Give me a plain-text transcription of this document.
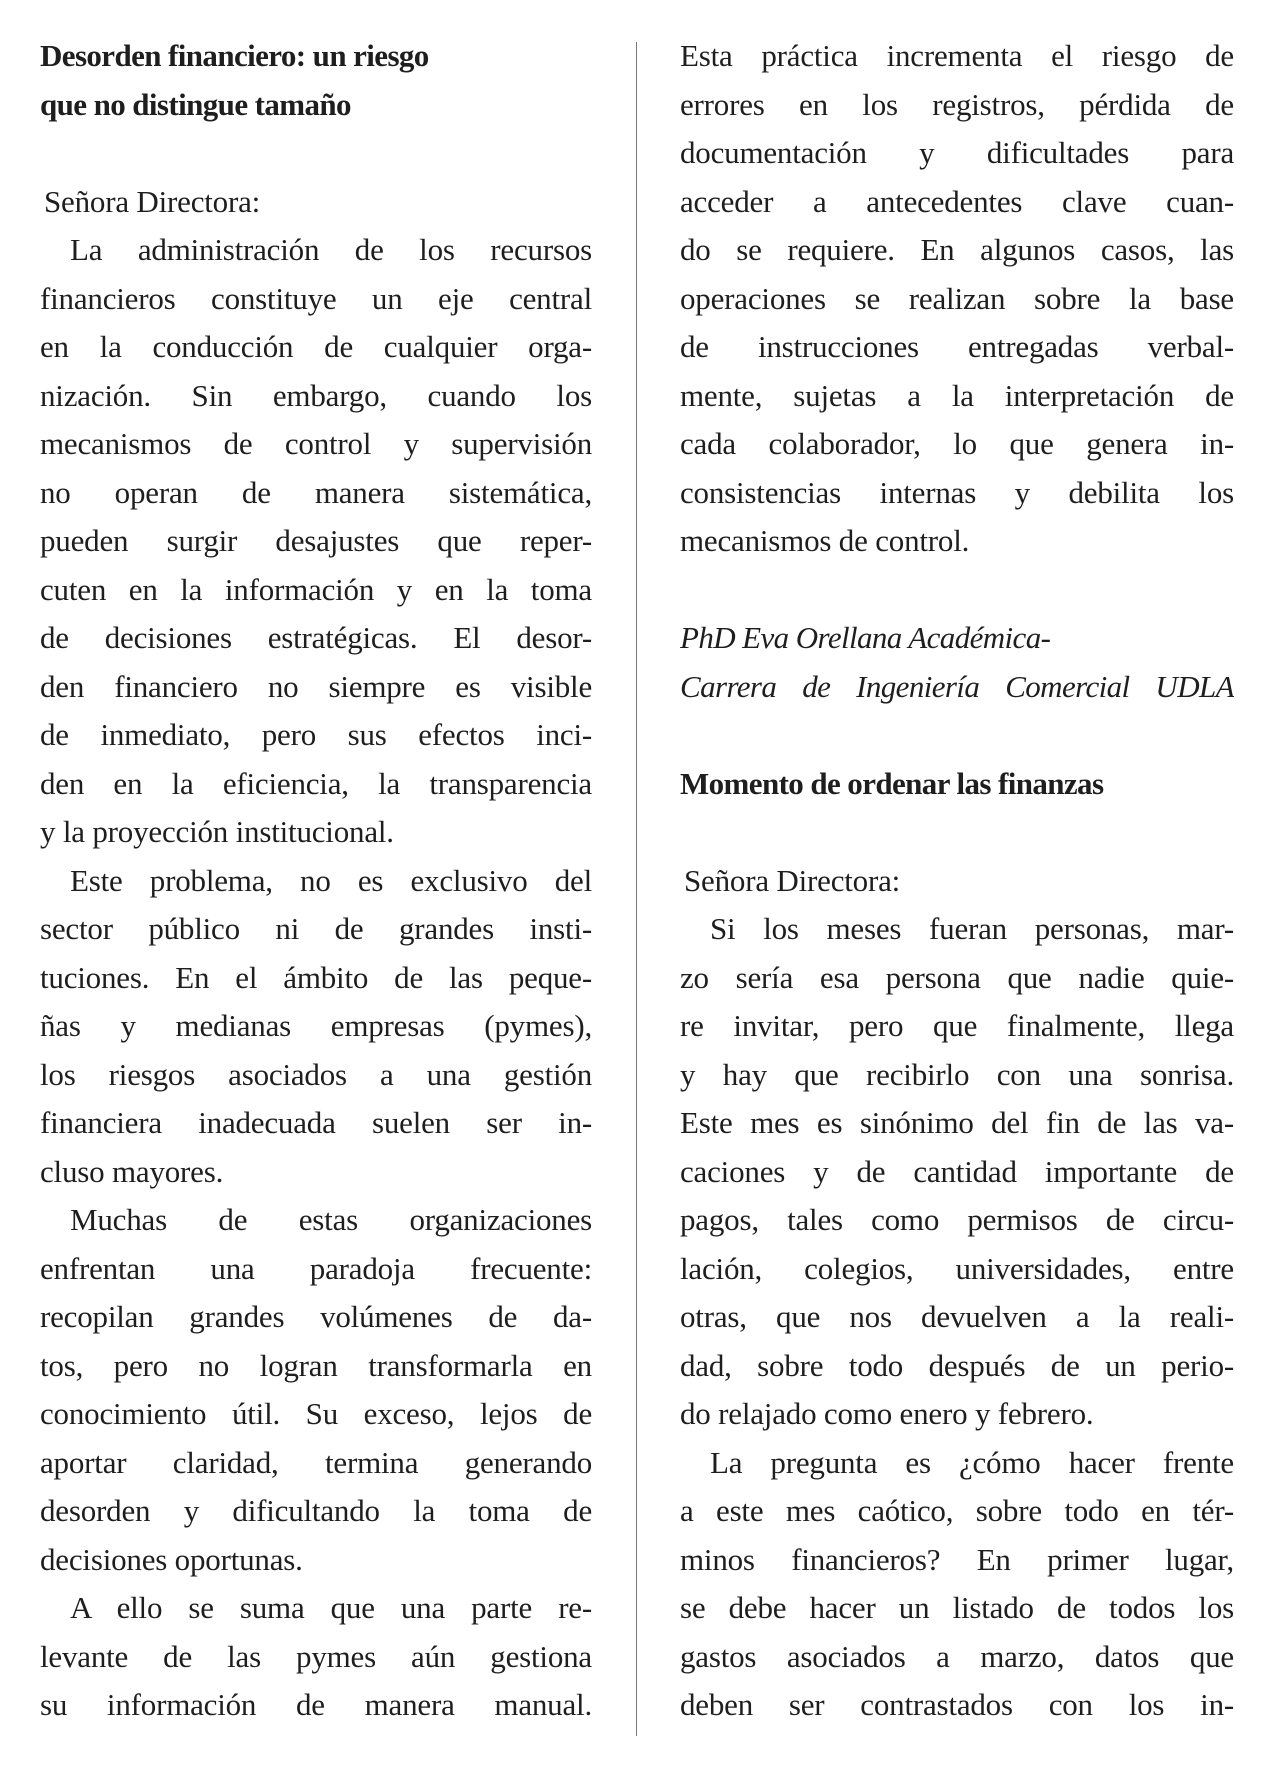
Desorden financiero: un riesgo
que no distingue tamaño

Señora Directora:
La administración de los recursos
financieros constituye un eje central
en la conducción de cualquier orga-
nización. Sin embargo, cuando los
mecanismos de control y supervisión
no operan de manera sistemática,
pueden surgir desajustes que reper-
cuten en la información y en la toma
de decisiones estratégicas. El desor-
den financiero no siempre es visible
de inmediato, pero sus efectos inci-
den en la eficiencia, la transparencia
y la proyección institucional.
Este problema, no es exclusivo del
sector público ni de grandes insti-
tuciones. En el ámbito de las peque-
ñas y medianas empresas (pymes),
los riesgos asociados a una gestión
financiera inadecuada suelen ser in-
cluso mayores.
Muchas de estas organizaciones
enfrentan una paradoja frecuente:
recopilan grandes volúmenes de da-
tos, pero no logran transformarla en
conocimiento útil. Su exceso, lejos de
aportar claridad, termina generando
desorden y dificultando la toma de
decisiones oportunas.
A ello se suma que una parte re-
levante de las pymes aún gestiona
su información de manera manual.
Esta práctica incrementa el riesgo de
errores en los registros, pérdida de
documentación y dificultades para
acceder a antecedentes clave cuan-
do se requiere. En algunos casos, las
operaciones se realizan sobre la base
de instrucciones entregadas verbal-
mente, sujetas a la interpretación de
cada colaborador, lo que genera in-
consistencias internas y debilita los
mecanismos de control.

PhD Eva Orellana Académica-
Carrera de Ingeniería Comercial UDLA

Momento de ordenar las finanzas

Señora Directora:
Si los meses fueran personas, mar-
zo sería esa persona que nadie quie-
re invitar, pero que finalmente, llega
y hay que recibirlo con una sonrisa.
Este mes es sinónimo del fin de las va-
caciones y de cantidad importante de
pagos, tales como permisos de circu-
lación, colegios, universidades, entre
otras, que nos devuelven a la reali-
dad, sobre todo después de un perio-
do relajado como enero y febrero.
La pregunta es ¿cómo hacer frente
a este mes caótico, sobre todo en tér-
minos financieros? En primer lugar,
se debe hacer un listado de todos los
gastos asociados a marzo, datos que
deben ser contrastados con los in-
